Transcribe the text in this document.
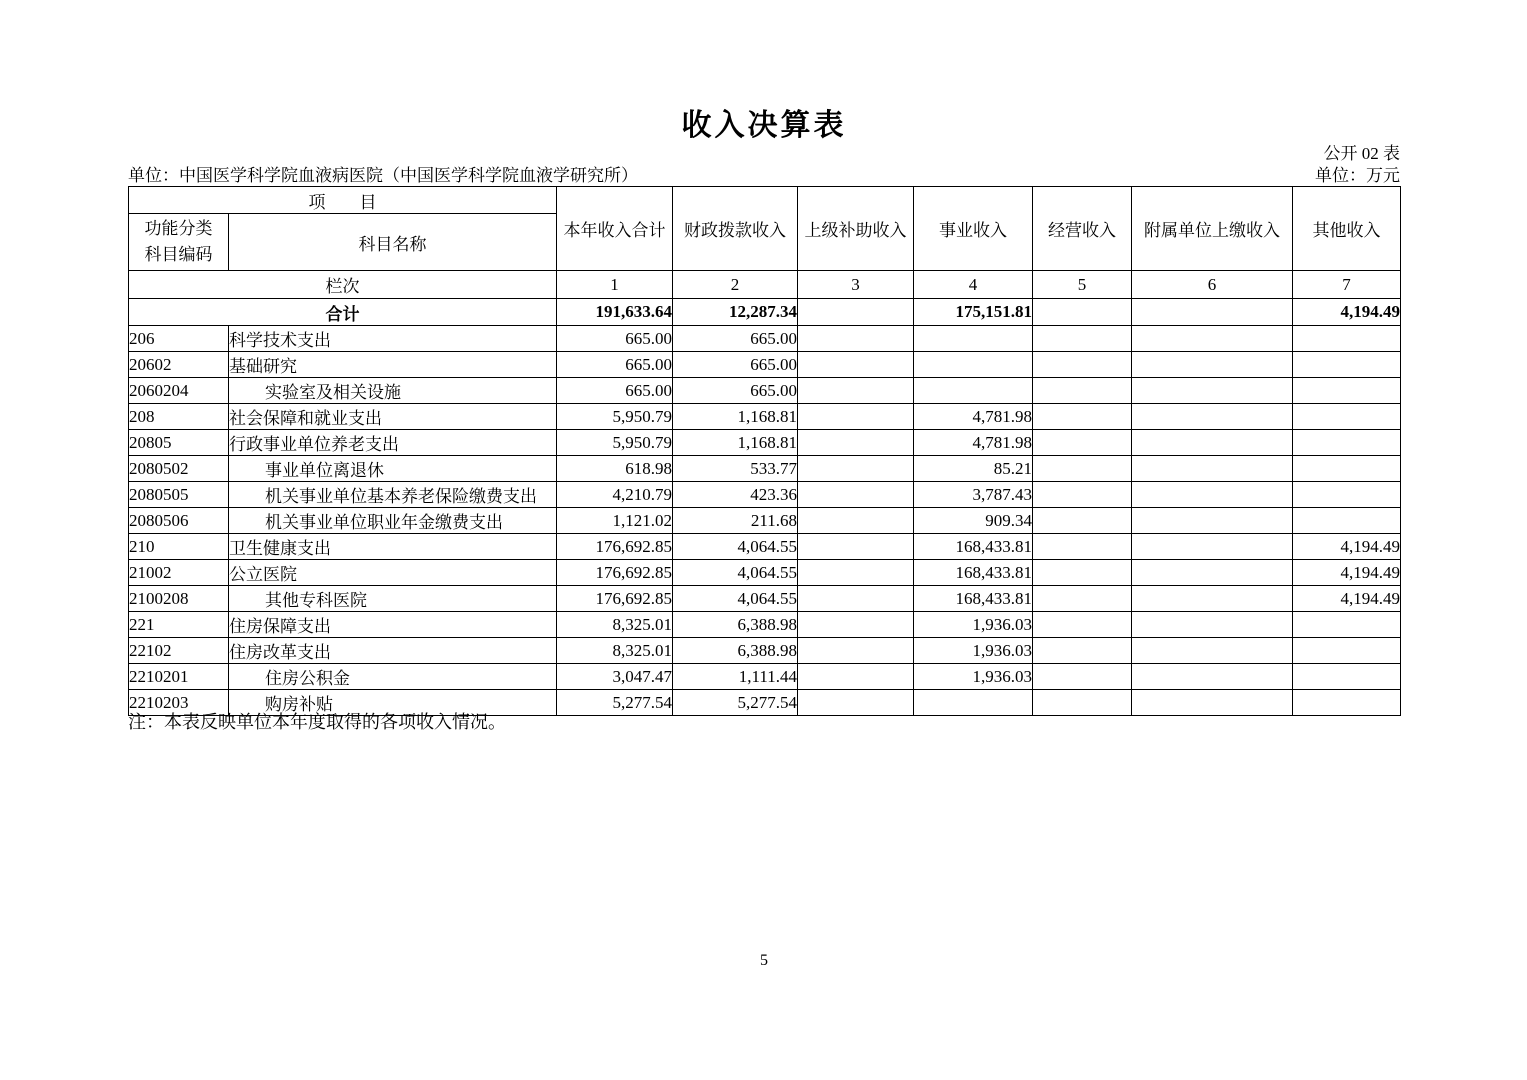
收入决算表
公开 02 表
单位：中国医学科学院血液病医院（中国医学科学院血液学研究所）	单位：万元
项　　目		本年收入合计	财政拨款收入	上级补助收入	事业收入	经营收入	附属单位上缴收入	其他收入

功能分类
科目编码	科目名称							
栏次		1	2	3	4	5	6	7
合计		191,633.64	12,287.34		175,151.81			4,194.49
206	科学技术支出	665.00	665.00					
20602	基础研究	665.00	665.00					
2060204	实验室及相关设施	665.00	665.00					
208	社会保障和就业支出	5,950.79	1,168.81		4,781.98			
20805	行政事业单位养老支出	5,950.79	1,168.81		4,781.98			
2080502	事业单位离退休	618.98	533.77		85.21			
2080505	机关事业单位基本养老保险缴费支出	4,210.79	423.36		3,787.43			
2080506	机关事业单位职业年金缴费支出	1,121.02	211.68		909.34			
210	卫生健康支出	176,692.85	4,064.55		168,433.81			4,194.49
21002	公立医院	176,692.85	4,064.55		168,433.81			4,194.49
2100208	其他专科医院	176,692.85	4,064.55		168,433.81			4,194.49
221	住房保障支出	8,325.01	6,388.98		1,936.03			
22102	住房改革支出	8,325.01	6,388.98		1,936.03			
2210201	住房公积金	3,047.47	1,111.44		1,936.03			
2210203	购房补贴	5,277.54	5,277.54					
注：本表反映单位本年度取得的各项收入情况。
5
